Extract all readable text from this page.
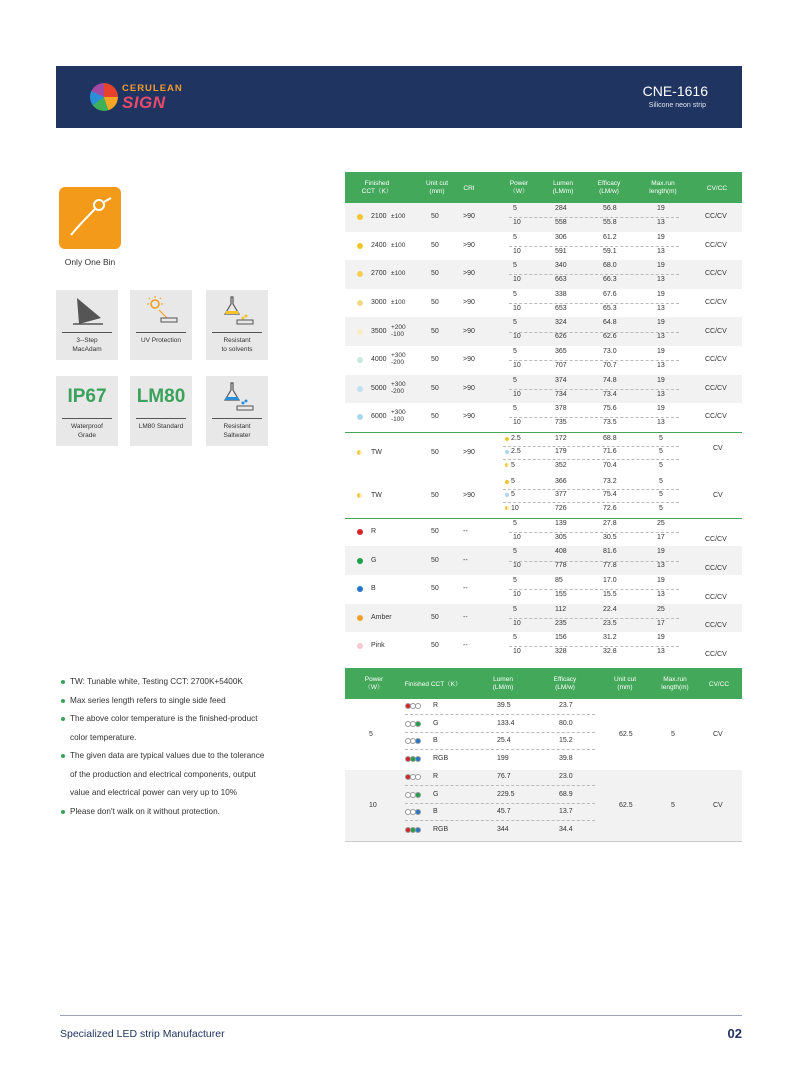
CERULEAN
SIGN
CNE-1616
Silicone neon strip
Only One Bin
3--Step
MacAdam
UV Protection	Resistant
to solvents
IP67
Waterproof
Grade
LM80
LM80 Standard	Resistant
Saltwater
TW: Tunable white, Testing CCT: 2700K+5400K
Max series length refers to single side feed
The above color temperature is the finished-product
color temperature.
The given data are typical values due to the tolerance
of the production and electrical components, output
value and electrical power can very up to 10%
Please don't walk on it without protection.
Finished
CCT（K）
Unit cut
(mm)	CRI
Power
（W）
Lumen
(LM/m)
Efficacy
(LM/w)
Max.run
length(m)	CV/CC
2100 ±100	50	>90
5	284	56.8	19
10	558	55.8	13
CC/CV
2400 ±100	50	>90
5	306	61.2	19
10	591	59.1	13
CC/CV
2700 ±100	50	>90
5	340	68.0	19
10	663	66.3	13
CC/CV
3000 ±100	50	>90
5	338	67.6	19
10	653	65.3	13
CC/CV
3500
+200
-100	50	>90
5	324	64.8	19
10	626	62.6	13
CC/CV
4000
+300
-200	50	>90
5	365	73.0	19
10	707	70.7	13
CC/CV
5000
+300
-200	50	>90
5	374	74.8	19
10	734	73.4	13
CC/CV
6000
+300
-100	50	>90
5	378	75.6	19
10	735	73.5	13
CC/CV
TW	50	>90
2.5	172	68.8	5
2.5	179	71.6	5
5	352	70.4	5
CV
TW	50	>90
5	366	73.2	5
5	377	75.4	5
10	726	72.6	5
CV
R	50	--
5	139	27.8	25
10	305	30.5	17	CC/CV
G	50	--
5	408	81.6	19
10	778	77.8	13	CC/CV
B	50	--
5	85	17.0	19
10	155	15.5	13	CC/CV
Amber	50	--
5	112	22.4	25
10	235	23.5	17	CC/CV
Pink	50	--
5	156	31.2	19
10	328	32.8	13	CC/CV
Power
（W）	Finished CCT（K）
Lumen
(LM/m)
Efficacy
(LM/w)
Unit cut
(mm)
Max.run
length(m)	CV/CC
5	62.5	5	CV
R	39.5	23.7
G	133.4	80.0
B	25.4	15.2
RGB	199	39.8
10	62.5	5	CV
R	76.7	23.0
G	229.5	68.9
B	45.7	13.7
RGB	344	34.4
Specialized LED strip Manufacturer	02
